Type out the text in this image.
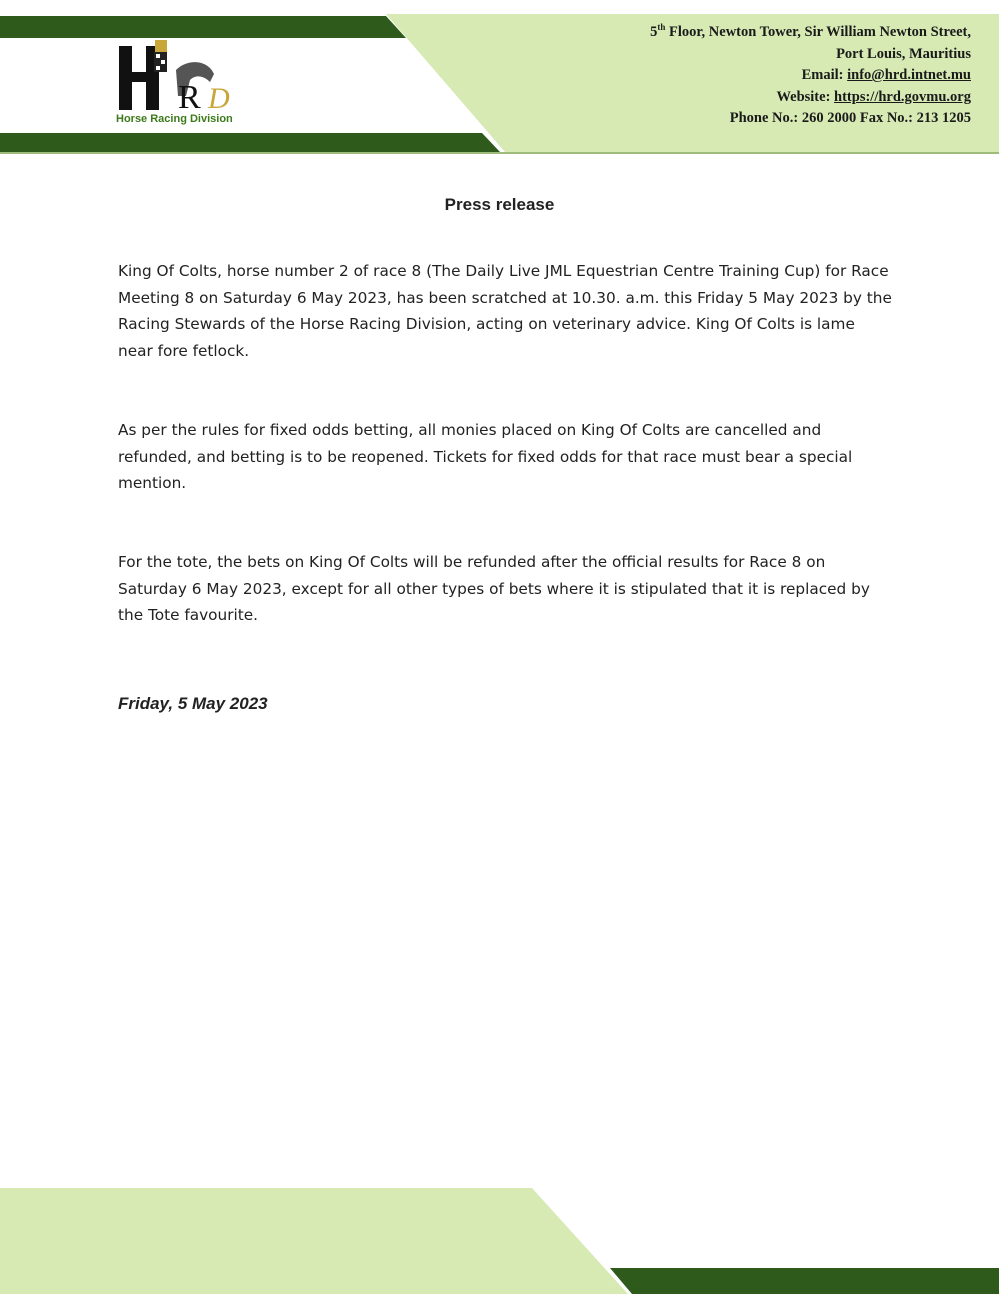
R D
Horse Racing Division
5th Floor, Newton Tower, Sir William Newton Street,
Port Louis, Mauritius
Email: info@hrd.intnet.mu
Website: https://hrd.govmu.org
Phone No.: 260 2000 Fax No.: 213 1205
Press release

King Of Colts, horse number 2 of race 8 (The Daily Live JML Equestrian Centre Training Cup) for Race Meeting 8 on Saturday 6 May 2023, has been scratched at 10.30. a.m. this Friday 5 May 2023 by the Racing Stewards of the Horse Racing Division, acting on veterinary advice. King Of Colts is lame near fore fetlock.

As per the rules for fixed odds betting, all monies placed on King Of Colts are cancelled and refunded, and betting is to be reopened. Tickets for fixed odds for that race must bear a special mention.

For the tote, the bets on King Of Colts will be refunded after the official results for Race 8 on Saturday 6 May 2023, except for all other types of bets where it is stipulated that it is replaced by the Tote favourite.

Friday, 5 May 2023
